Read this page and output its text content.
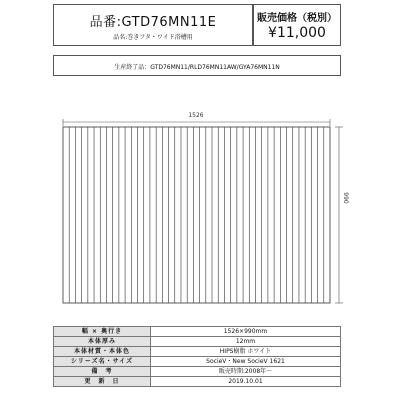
品番:GTD76MN11E
品名:巻きフタ・ワイド浴槽用
販売価格（税別）
¥11,000
生産終了品：GTD76MN11/RLD76MN11AW/GYA76MN11N
1526
990
幅 × 奥行き	1526×990mm
本体厚み	12mm
本体材質・本体色	HIPS樹脂 ホワイト
シリーズ名・サイズ	SocieV・New SocieV 1621
備　考	販売時期:2008年～
更　新　日	2019.10.01
